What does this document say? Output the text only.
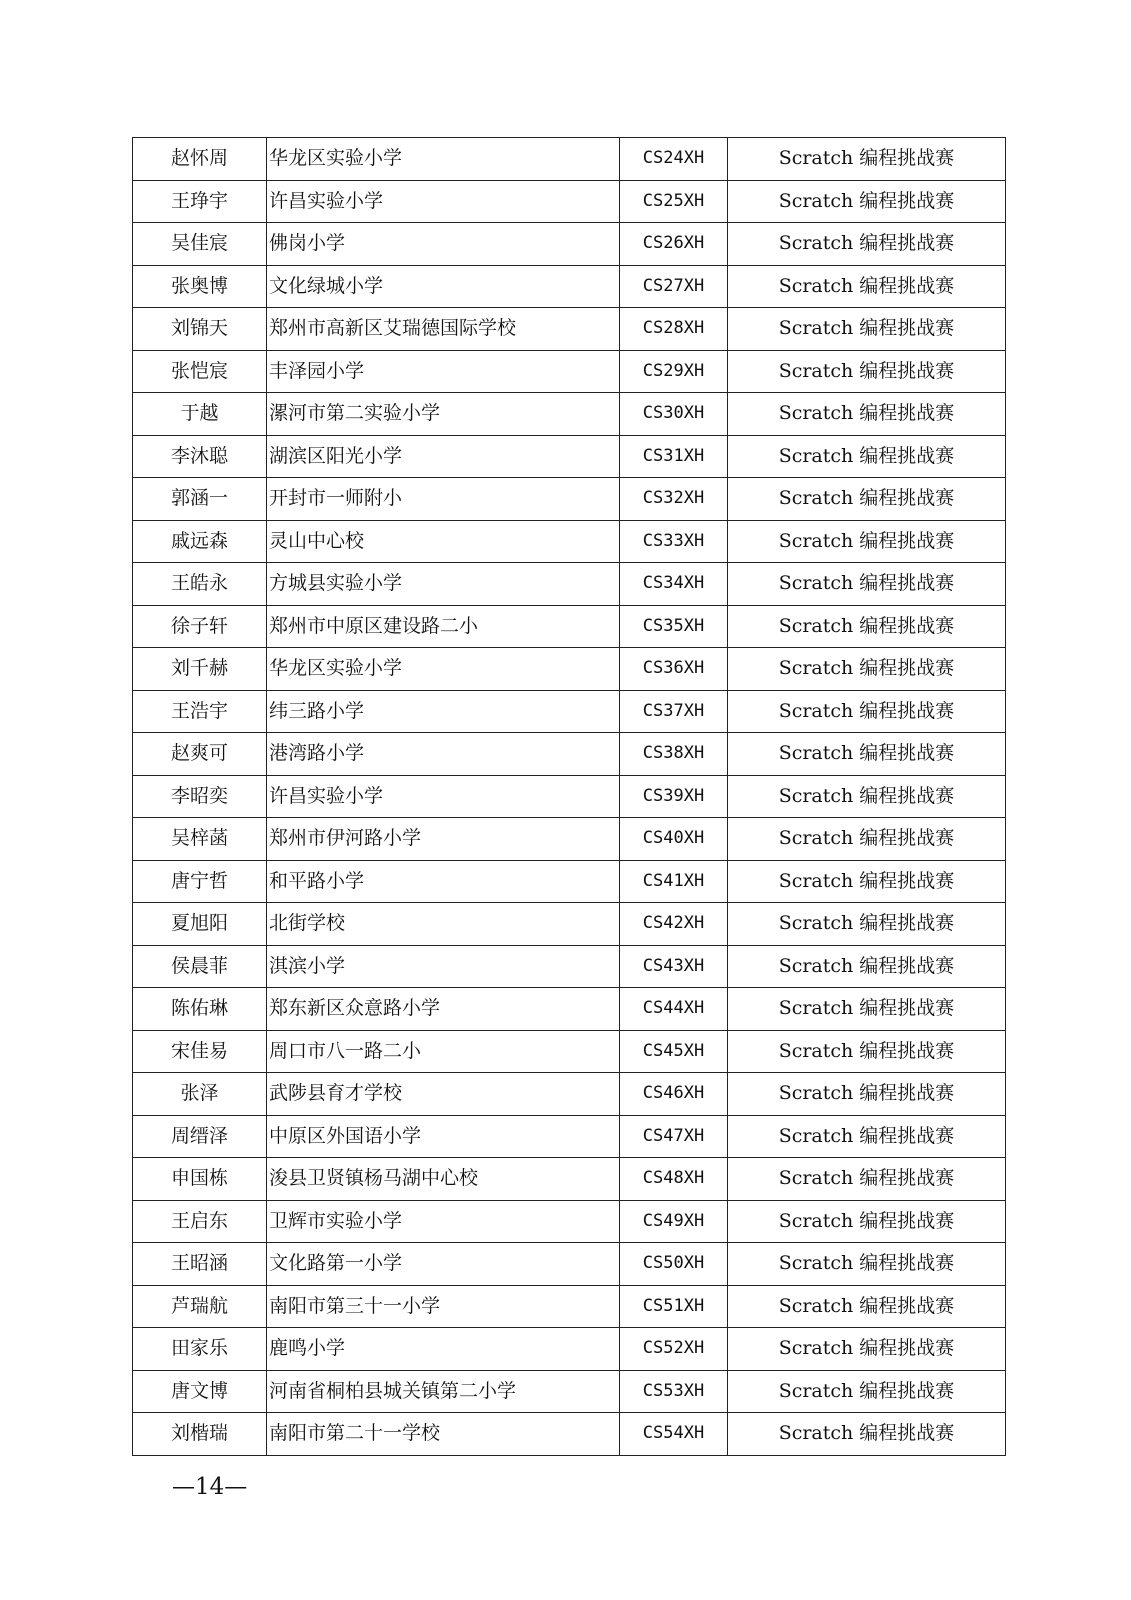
赵怀周	华龙区实验小学	CS24XH	Scratch 编程挑战赛
王琤宇	许昌实验小学	CS25XH	Scratch 编程挑战赛
吴佳宸	佛岗小学	CS26XH	Scratch 编程挑战赛
张奥博	文化绿城小学	CS27XH	Scratch 编程挑战赛
刘锦天	郑州市高新区艾瑞德国际学校	CS28XH	Scratch 编程挑战赛
张恺宸	丰泽园小学	CS29XH	Scratch 编程挑战赛
于越	漯河市第二实验小学	CS30XH	Scratch 编程挑战赛
李沐聪	湖滨区阳光小学	CS31XH	Scratch 编程挑战赛
郭涵一	开封市一师附小	CS32XH	Scratch 编程挑战赛
戚远森	灵山中心校	CS33XH	Scratch 编程挑战赛
王皓永	方城县实验小学	CS34XH	Scratch 编程挑战赛
徐子轩	郑州市中原区建设路二小	CS35XH	Scratch 编程挑战赛
刘千赫	华龙区实验小学	CS36XH	Scratch 编程挑战赛
王浩宇	纬三路小学	CS37XH	Scratch 编程挑战赛
赵爽可	港湾路小学	CS38XH	Scratch 编程挑战赛
李昭奕	许昌实验小学	CS39XH	Scratch 编程挑战赛
吴梓菡	郑州市伊河路小学	CS40XH	Scratch 编程挑战赛
唐宁哲	和平路小学	CS41XH	Scratch 编程挑战赛
夏旭阳	北街学校	CS42XH	Scratch 编程挑战赛
侯晨菲	淇滨小学	CS43XH	Scratch 编程挑战赛
陈佑琳	郑东新区众意路小学	CS44XH	Scratch 编程挑战赛
宋佳易	周口市八一路二小	CS45XH	Scratch 编程挑战赛
张泽	武陟县育才学校	CS46XH	Scratch 编程挑战赛
周缙泽	中原区外国语小学	CS47XH	Scratch 编程挑战赛
申国栋	浚县卫贤镇杨马湖中心校	CS48XH	Scratch 编程挑战赛
王启东	卫辉市实验小学	CS49XH	Scratch 编程挑战赛
王昭涵	文化路第一小学	CS50XH	Scratch 编程挑战赛
芦瑞航	南阳市第三十一小学	CS51XH	Scratch 编程挑战赛
田家乐	鹿鸣小学	CS52XH	Scratch 编程挑战赛
唐文博	河南省桐柏县城关镇第二小学	CS53XH	Scratch 编程挑战赛
刘楷瑞	南阳市第二十一学校	CS54XH	Scratch 编程挑战赛
—14—
